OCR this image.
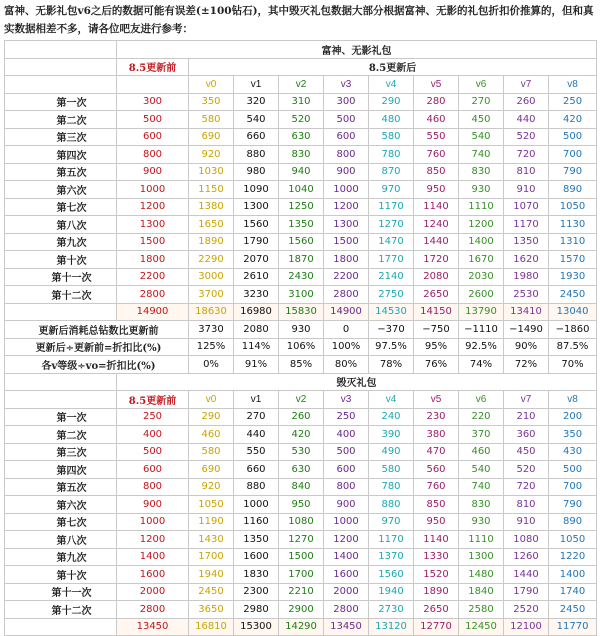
富神、无影礼包v6之后的数据可能有误差(±100钻石)，其中毁灭礼包数据大部分根据富神、无影的礼包折扣价推算的，但和真实数据相差不多，请各位吧友进行参考：
	富神、无影礼包									
	8.5更新前	8.5更新后								
		v0	v1	v2	v3	v4	v5	v6	v7	v8
第一次	300	350	320	310	300	290	280	270	260	250
第二次	500	580	540	520	500	480	460	450	440	420
第三次	600	690	660	630	600	580	550	540	520	500
第四次	800	920	880	830	800	780	760	740	720	700
第五次	900	1030	980	940	900	870	850	830	810	790
第六次	1000	1150	1090	1040	1000	970	950	930	910	890
第七次	1200	1380	1300	1250	1200	1170	1140	1110	1070	1050
第八次	1300	1650	1560	1350	1300	1270	1240	1200	1170	1130
第九次	1500	1890	1790	1560	1500	1470	1440	1400	1350	1310
第十次	1800	2290	2070	1870	1800	1770	1720	1670	1620	1570
第十一次	2200	3000	2610	2430	2200	2140	2080	2030	1980	1930
第十二次	2800	3700	3230	3100	2800	2750	2650	2600	2530	2450
	14900	18630	16980	15830	14900	14530	14150	13790	13410	13040
更新后消耗总钻数比更新前		3730	2080	930	0	−370	−750	−1110	−1490	−1860
更新后÷更新前=折扣比(%)		125%	114%	106%	100%	97.5%	95%	92.5%	90%	87.5%
各v等级÷vo=折扣比(%)		0%	91%	85%	80%	78%	76%	74%	72%	70%
	毁灭礼包									
	8.5更新前	v0	v1	v2	v3	v4	v5	v6	v7	v8
第一次	250	290	270	260	250	240	230	220	210	200
第二次	400	460	440	420	400	390	380	370	360	350
第三次	500	580	550	530	500	490	470	460	450	430
第四次	600	690	660	630	600	580	560	540	520	500
第五次	800	920	880	840	800	780	760	740	720	700
第六次	900	1050	1000	950	900	880	850	830	810	790
第七次	1000	1190	1160	1080	1000	970	950	930	910	890
第八次	1200	1430	1350	1270	1200	1170	1140	1110	1080	1050
第九次	1400	1700	1600	1500	1400	1370	1330	1300	1260	1220
第十次	1600	1940	1830	1700	1600	1560	1520	1480	1440	1400
第十一次	2000	2450	2300	2210	2000	1940	1890	1840	1790	1740
第十二次	2800	3650	2980	2900	2800	2730	2650	2580	2520	2450
	13450	16810	15300	14290	13450	13120	12770	12450	12100	11770
